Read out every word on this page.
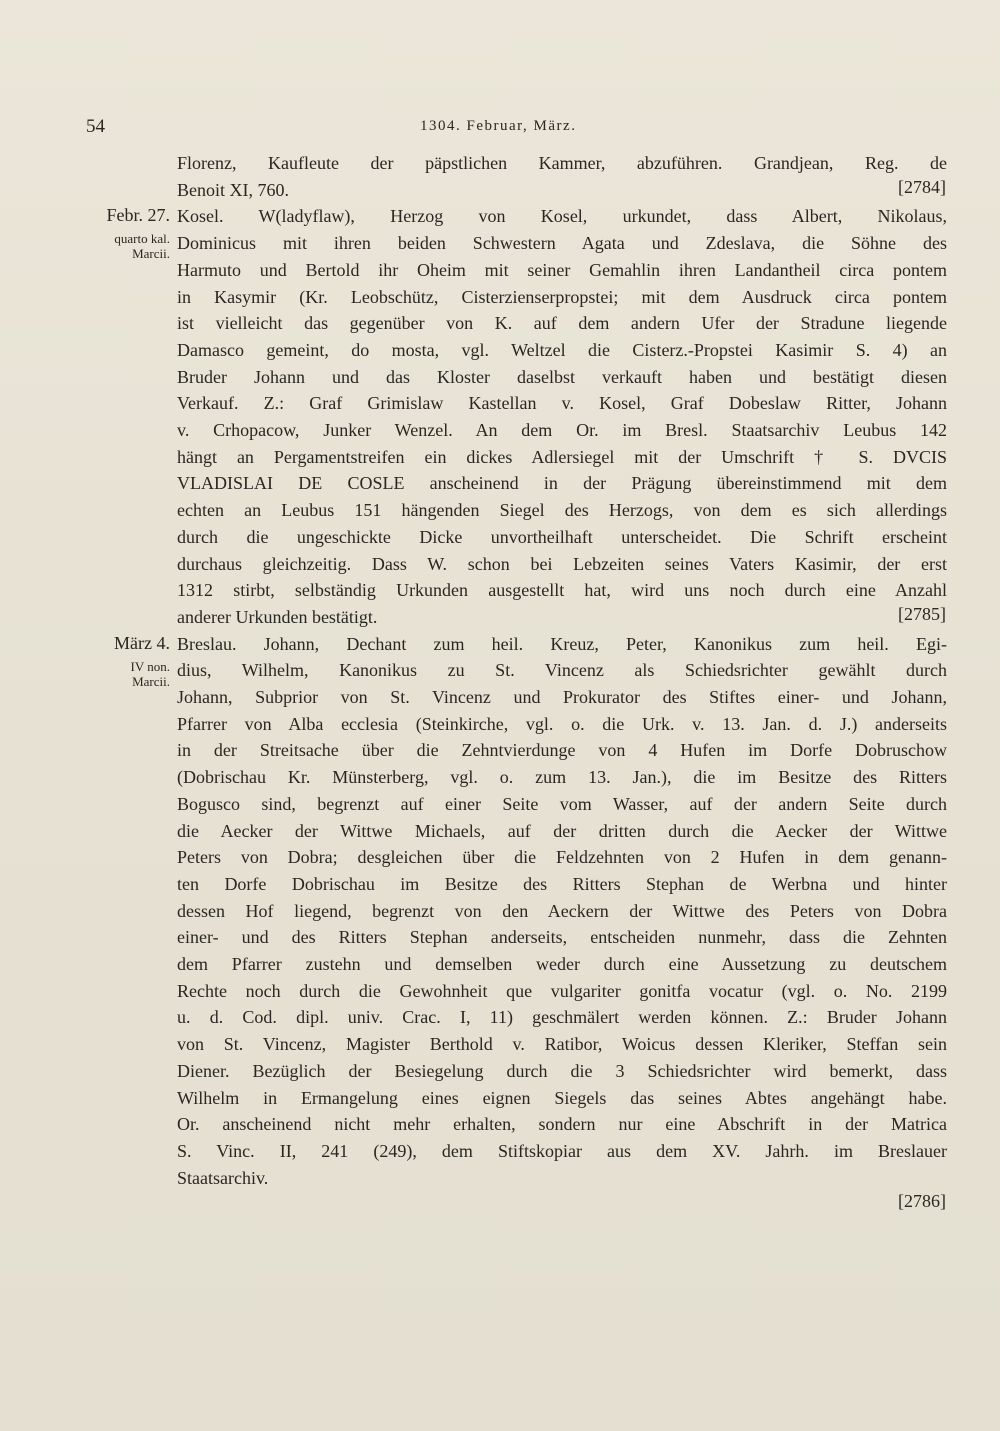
54	1304. Februar, März.
Florenz, Kaufleute der päpstlichen Kammer, abzuführen. Grandjean, Reg. de
Benoit XI, 760.	[2784]
Kosel. W(ladyflaw), Herzog von Kosel, urkundet, dass Albert, Nikolaus,
Dominicus mit ihren beiden Schwestern Agata und Zdeslava, die Söhne des
Harmuto und Bertold ihr Oheim mit seiner Gemahlin ihren Landantheil circa pontem
in Kasymir (Kr. Leobschütz, Cisterzienserpropstei; mit dem Ausdruck circa pontem
ist vielleicht das gegenüber von K. auf dem andern Ufer der Stradune liegende
Damasco gemeint, do mosta, vgl. Weltzel die Cisterz.-Propstei Kasimir S. 4) an
Bruder Johann und das Kloster daselbst verkauft haben und bestätigt diesen
Verkauf. Z.: Graf Grimislaw Kastellan v. Kosel, Graf Dobeslaw Ritter, Johann
v. Crhopacow, Junker Wenzel. An dem Or. im Bresl. Staatsarchiv Leubus 142
hängt an Pergamentstreifen ein dickes Adlersiegel mit der Umschrift † S. DVCIS
VLADISLAI DE COSLE anscheinend in der Prägung übereinstimmend mit dem
echten an Leubus 151 hängenden Siegel des Herzogs, von dem es sich allerdings
durch die ungeschickte Dicke unvortheilhaft unterscheidet. Die Schrift erscheint
durchaus gleichzeitig. Dass W. schon bei Lebzeiten seines Vaters Kasimir, der erst
1312 stirbt, selbständig Urkunden ausgestellt hat, wird uns noch durch eine Anzahl
anderer Urkunden bestätigt.	[2785]
Febr. 27.
quarto kal.
Marcii.
Breslau. Johann, Dechant zum heil. Kreuz, Peter, Kanonikus zum heil. Egi-
dius, Wilhelm, Kanonikus zu St. Vincenz als Schiedsrichter gewählt durch
Johann, Subprior von St. Vincenz und Prokurator des Stiftes einer- und Johann,
Pfarrer von Alba ecclesia (Steinkirche, vgl. o. die Urk. v. 13. Jan. d. J.) anderseits
in der Streitsache über die Zehntvierdunge von 4 Hufen im Dorfe Dobruschow
(Dobrischau Kr. Münsterberg, vgl. o. zum 13. Jan.), die im Besitze des Ritters
Bogusco sind, begrenzt auf einer Seite vom Wasser, auf der andern Seite durch
die Aecker der Wittwe Michaels, auf der dritten durch die Aecker der Wittwe
Peters von Dobra; desgleichen über die Feldzehnten von 2 Hufen in dem genann-
ten Dorfe Dobrischau im Besitze des Ritters Stephan de Werbna und hinter
dessen Hof liegend, begrenzt von den Aeckern der Wittwe des Peters von Dobra
einer- und des Ritters Stephan anderseits, entscheiden nunmehr, dass die Zehnten
dem Pfarrer zustehn und demselben weder durch eine Aussetzung zu deutschem
Rechte noch durch die Gewohnheit que vulgariter gonitfa vocatur (vgl. o. No. 2199
u. d. Cod. dipl. univ. Crac. I, 11) geschmälert werden können. Z.: Bruder Johann
von St. Vincenz, Magister Berthold v. Ratibor, Woicus dessen Kleriker, Steffan sein
Diener. Bezüglich der Besiegelung durch die 3 Schiedsrichter wird bemerkt, dass
Wilhelm in Ermangelung eines eignen Siegels das seines Abtes angehängt habe.
Or. anscheinend nicht mehr erhalten, sondern nur eine Abschrift in der Matrica
S. Vinc. II, 241 (249), dem Stiftskopiar aus dem XV. Jahrh. im Breslauer
Staatsarchiv.
[2786]
März 4.
IV non.
Marcii.
